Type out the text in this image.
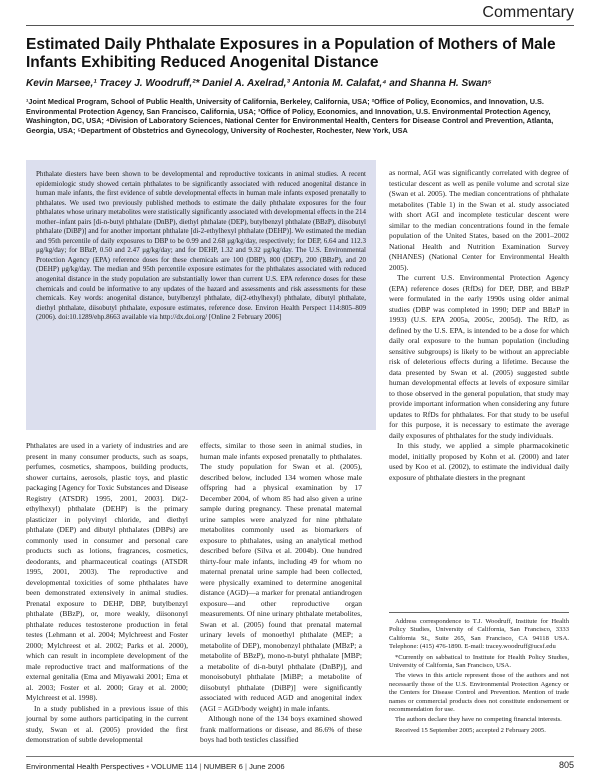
Commentary
Estimated Daily Phthalate Exposures in a Population of Mothers of Male Infants Exhibiting Reduced Anogenital Distance
Kevin Marsee,¹ Tracey J. Woodruff,²* Daniel A. Axelrad,³ Antonia M. Calafat,⁴ and Shanna H. Swan⁵
¹Joint Medical Program, School of Public Health, University of California, Berkeley, California, USA; ²Office of Policy, Economics, and Innovation, U.S. Environmental Protection Agency, San Francisco, California, USA; ³Office of Policy, Economics, and Innovation, U.S. Environmental Protection Agency, Washington, DC, USA; ⁴Division of Laboratory Sciences, National Center for Environmental Health, Centers for Disease Control and Prevention, Atlanta, Georgia, USA; ⁵Department of Obstetrics and Gynecology, University of Rochester, Rochester, New York, USA
Phthalate diesters have been shown to be developmental and reproductive toxicants in animal studies. A recent epidemiologic study showed certain phthalates to be significantly associated with reduced anogenital distance in human male infants, the first evidence of subtle developmental effects in human male infants exposed prenatally to phthalates. We used two previously published methods to estimate the daily phthalate exposures for the four phthalates whose urinary metabolites were statistically significantly associated with developmental effects in the 214 mother–infant pairs [di-n-butyl phthalate (DnBP), diethyl phthalate (DEP), butylbenzyl phthalate (BBzP), diisobutyl phthalate (DiBP)] and for another important phthalate [di-2-ethylhexyl phthalate (DEHP)]. We estimated the median and 95th percentile of daily exposures to DBP to be 0.99 and 2.68 μg/kg/day, respectively; for DEP, 6.64 and 112.3 μg/kg/day; for BBzP, 0.50 and 2.47 μg/kg/day; and for DEHP, 1.32 and 9.32 μg/kg/day. The U.S. Environmental Protection Agency (EPA) reference doses for these chemicals are 100 (DBP), 800 (DEP), 200 (BBzP), and 20 (DEHP) μg/kg/day. The median and 95th percentile exposure estimates for the phthalates associated with reduced anogenital distance in the study population are substantially lower than current U.S. EPA reference doses for these chemicals and could be informative to any updates of the hazard and assessments and risk assessments for these chemicals. Key words: anogenital distance, butylbenzyl phthalate, di(2-ethylhexyl) phthalate, dibutyl phthalate, diethyl phthalate, diisobutyl phthalate, exposure estimates, reference dose. Environ Health Perspect 114:805–809 (2006). doi:10.1289/ehp.8663 available via http://dx.doi.org/ [Online 2 February 2006]

Phthalates are used in a variety of industries and are present in many consumer products, such as soaps, perfumes, cosmetics, shampoos, building products, shower curtains, aerosols, plastic toys, and plastic packaging [Agency for Toxic Substances and Disease Registry (ATSDR) 1995, 2001, 2003]. Di(2-ethylhexyl) phthalate (DEHP) is the primary plasticizer in polyvinyl chloride, and diethyl phthalate (DEP) and dibutyl phthalates (DBPs) are commonly used in consumer and personal care products such as lotions, fragrances, cosmetics, deodorants, and pharmaceutical coatings (ATSDR 1995, 2001, 2003). The reproductive and developmental toxicities of some phthalates have been demonstrated extensively in animal studies. Prenatal exposure to DEHP, DBP, butylbenzyl phthalate (BBzP), or, more weakly, diisononyl phthalate reduces testosterone production in fetal testes (Lehmann et al. 2004; Mylchreest and Foster 2000; Mylchreest et al. 2002; Parks et al. 2000), which can result in incomplete development of the male reproductive tract and malformations of the external genitalia (Ema and Miyawaki 2001; Ema et al. 2003; Foster et al. 2000; Gray et al. 2000; Mylchreest et al. 1998).

In a study published in a previous issue of this journal by some authors participating in the current study, Swan et al. (2005) provided the first demonstration of subtle developmental

effects, similar to those seen in animal studies, in human male infants exposed prenatally to phthalates. The study population for Swan et al. (2005), described below, included 134 women whose male offspring had a physical examination by 17 December 2004, of whom 85 had also given a urine sample during pregnancy. These prenatal maternal urine samples were analyzed for nine phthalate metabolites commonly used as biomarkers of exposure to phthalates, using an analytical method described before (Silva et al. 2004b). One hundred thirty-four male infants, including 49 for whom no maternal prenatal urine sample had been collected, were physically examined to determine anogenital distance (AGD)—a marker for prenatal antiandrogen exposure—and other reproductive organ measurements. Of nine urinary phthalate metabolites, Swan et al. (2005) found that prenatal maternal urinary levels of monoethyl phthalate (MEP; a metabolite of DEP), monobenzyl phthalate (MBzP; a metabolite of BBzP), mono-n-butyl phthalate [MBP; a metabolite of di-n-butyl phthalate (DnBP)], and monoisobutyl phthalate [MiBP; a metabolite of diisobutyl phthalate (DiBP)] were significantly associated with reduced AGD and anogenital index (AGI = AGD/body weight) in male infants.

Although none of the 134 boys examined showed frank malformations or disease, and 86.6% of these boys had both testicles classified

as normal, AGI was significantly correlated with degree of testicular descent as well as penile volume and scrotal size (Swan et al. 2005). The median concentrations of phthalate metabolites (Table 1) in the Swan et al. study associated with short AGI and incomplete testicular descent were similar to the median concentrations found in the female population of the United States, based on the 2001–2002 National Health and Nutrition Examination Survey (NHANES) (National Center for Environmental Health 2005).

The current U.S. Environmental Protection Agency (EPA) reference doses (RfDs) for DEP, DBP, and BBzP were formulated in the early 1990s using older animal studies (DBP was completed in 1990; DEP and BBzP in 1993) (U.S. EPA 2005a, 2005c, 2005d). The RfD, as defined by the U.S. EPA, is intended to be a dose for which daily oral exposure to the human population (including sensitive subgroups) is likely to be without an appreciable risk of deleterious effects during a lifetime. Because the data presented by Swan et al. (2005) suggested subtle human developmental effects at levels of exposure similar to those observed in the general population, that study may provide important information when considering any future updates to RfDs for phthalates. For that study to be useful for this purpose, it is necessary to estimate the average daily exposures of phthalates for the study individuals.

In this study, we applied a simple pharmacokinetic model, initially proposed by Kohn et al. (2000) and later used by Koo et al. (2002), to estimate the individual daily exposure of phthalate diesters in the pregnant

Address correspondence to T.J. Woodruff, Institute for Health Policy Studies, University of California, San Francisco, 3333 California St., Suite 265, San Francisco, CA 94118 USA. Telephone: (415) 476-1890. E-mail: tracey.woodruff@ucsf.edu

*Currently on sabbatical to Institute for Health Policy Studies, University of California, San Francisco, USA.

The views in this article represent those of the authors and not necessarily those of the U.S. Environmental Protection Agency or the Centers for Disease Control and Prevention. Mention of trade names or commercial products does not constitute endorsement or recommendation for use.

The authors declare they have no competing financial interests.

Received 15 September 2005; accepted 2 February 2005.

Environmental Health Perspectives • VOLUME 114 | NUMBER 6 | June 2006	805
